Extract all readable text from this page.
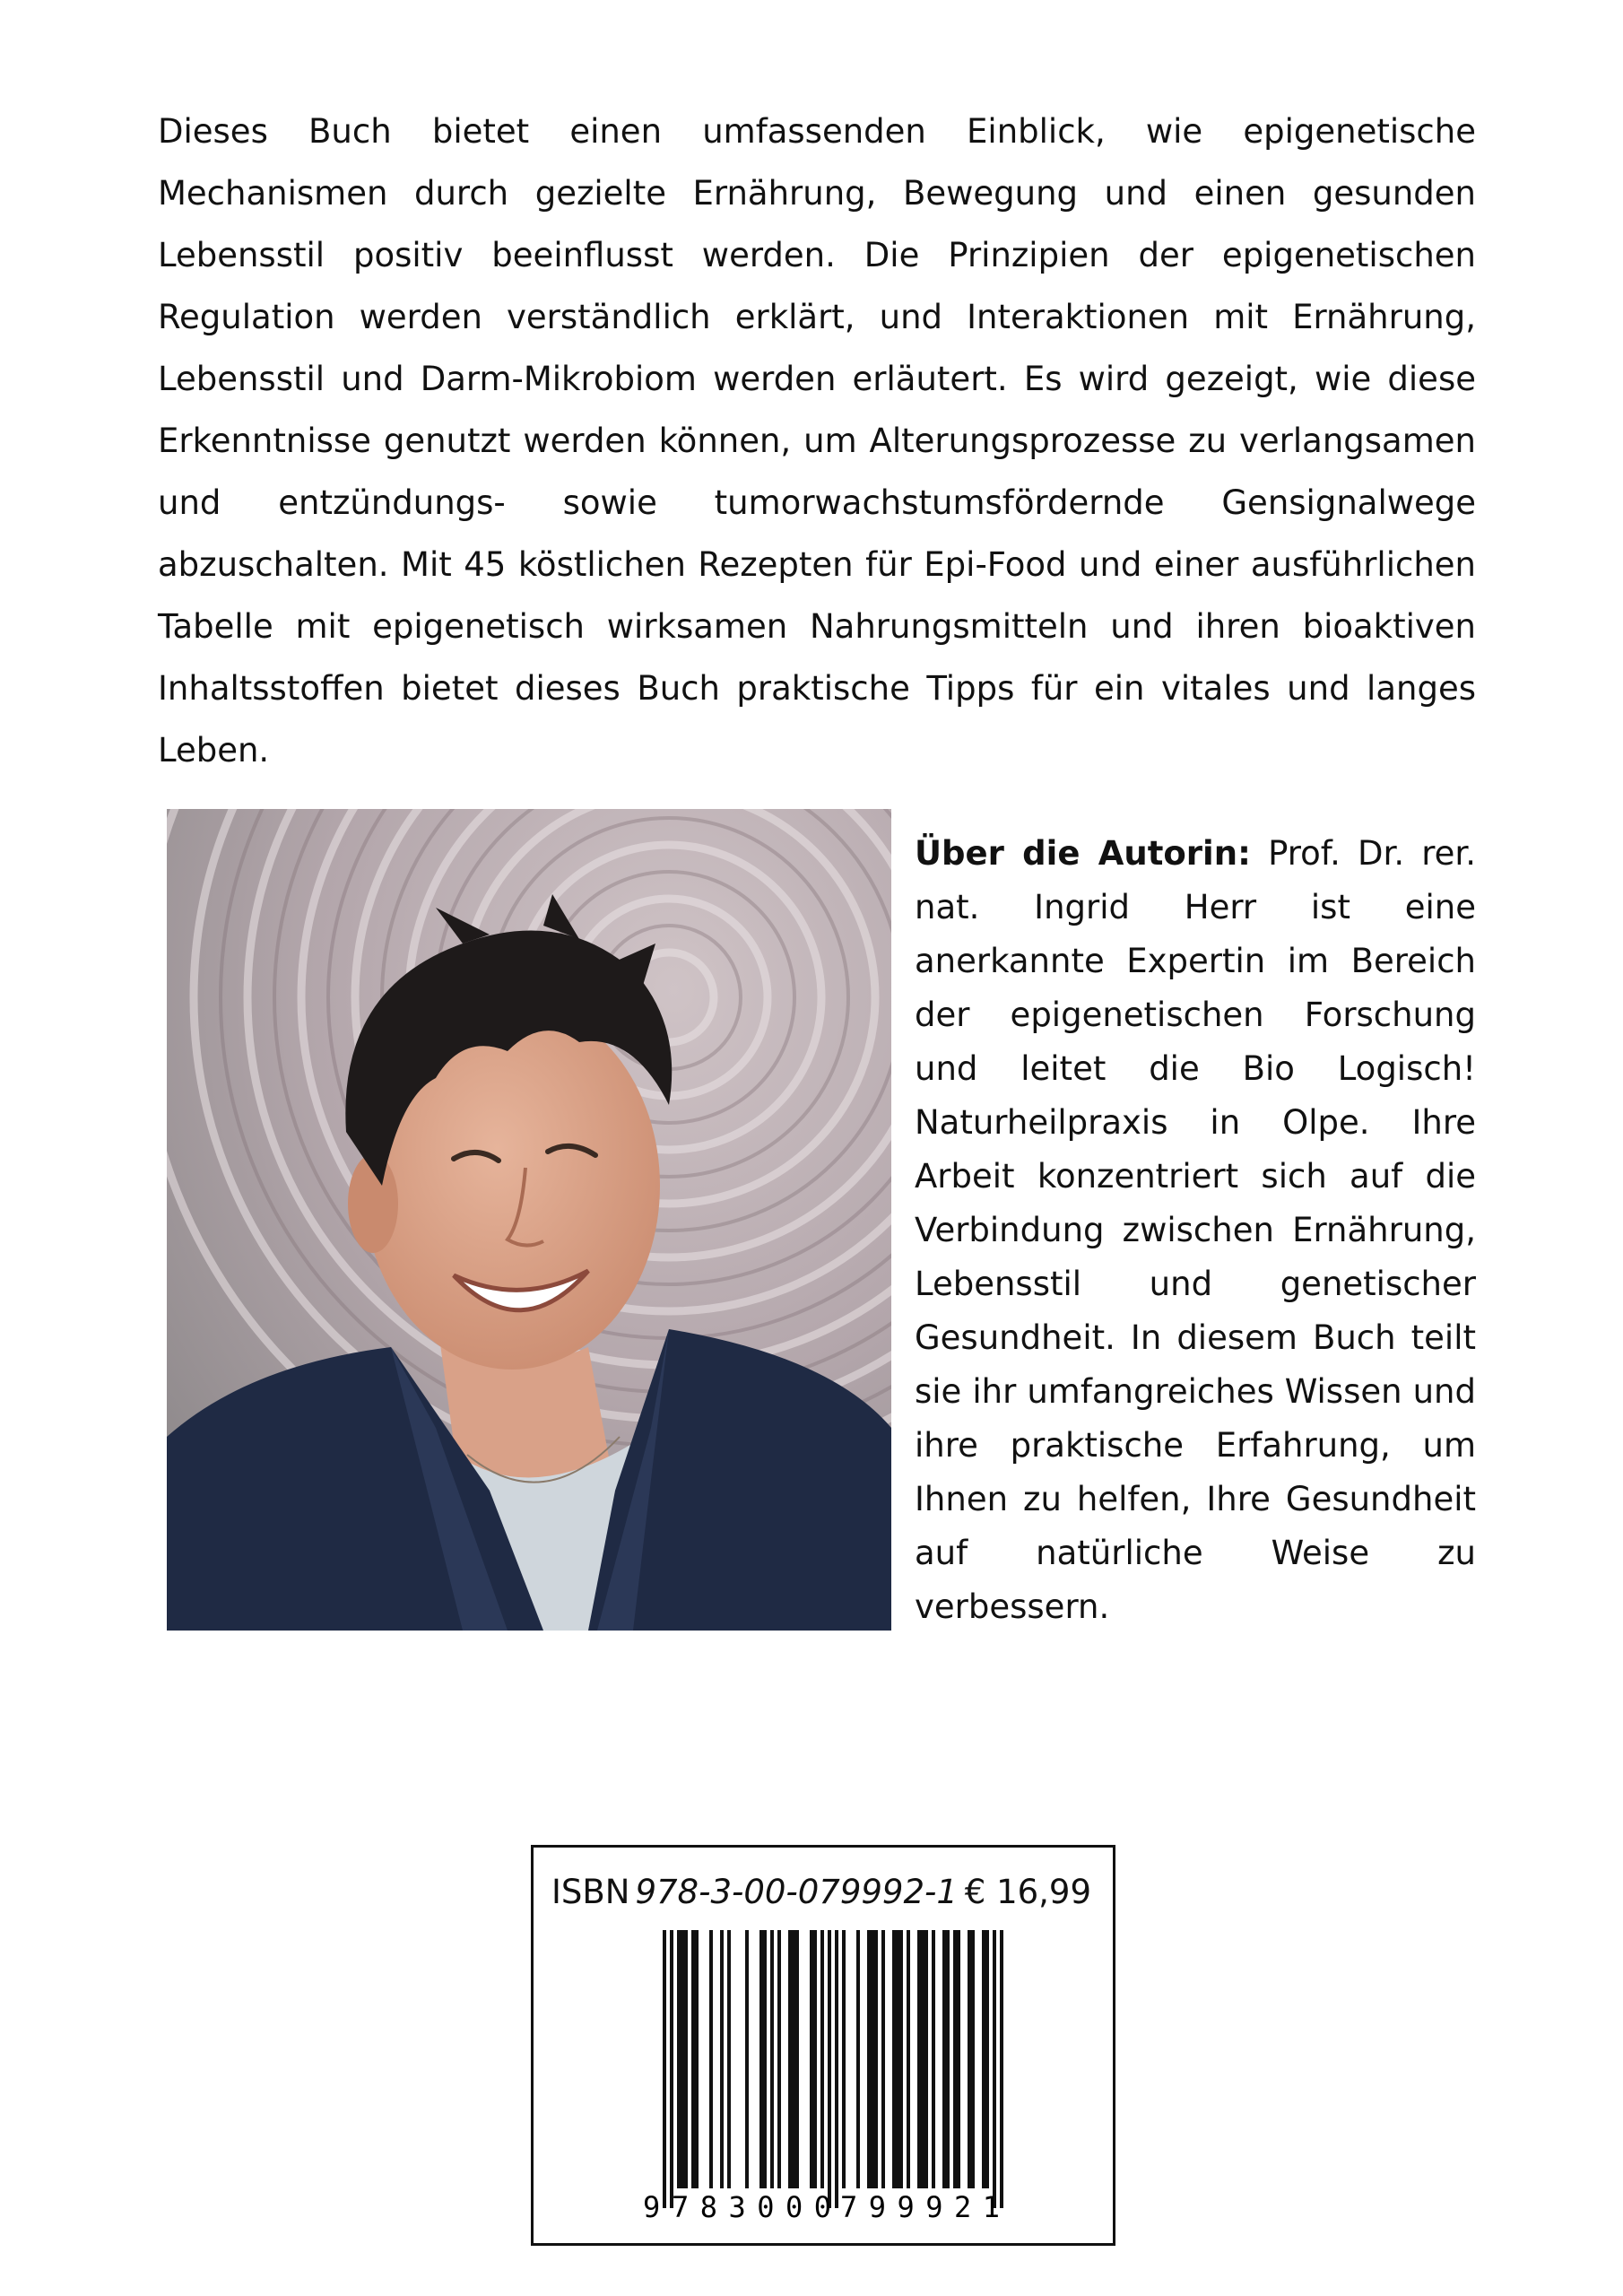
Dieses Buch bietet einen umfassenden Einblick, wie epigenetische Mechanismen durch gezielte Ernährung, Bewegung und einen gesunden Lebensstil positiv beeinflusst werden. Die Prinzipien der epigenetischen Regulation werden verständlich erklärt, und Interaktionen mit Ernährung, Lebensstil und Darm-Mikrobiom werden erläutert. Es wird gezeigt, wie diese Erkenntnisse genutzt werden können, um Alterungsprozesse zu verlangsamen und entzündungs- sowie tumorwachstumsfördernde Gensignalwege abzuschalten. Mit 45 köstlichen Rezepten für Epi-Food und einer ausführlichen Tabelle mit epigenetisch wirksamen Nahrungsmitteln und ihren bioaktiven Inhaltsstoffen bietet dieses Buch praktische Tipps für ein vitales und langes Leben.

Über die Autorin: Prof. Dr. rer. nat. Ingrid Herr ist eine anerkannte Expertin im Bereich der epigenetischen Forschung und leitet die Bio Logisch! Naturheilpraxis in Olpe. Ihre Arbeit konzentriert sich auf die Verbindung zwischen Ernährung, Lebensstil und genetischer Gesundheit. In diesem Buch teilt sie ihr umfangreiches Wissen und ihre praktische Erfahrung, um Ihnen zu helfen, Ihre Gesundheit auf natürliche Weise zu verbessern.

ISBN 978-3-00-079992-1 € 16,99
9 783000 799921
